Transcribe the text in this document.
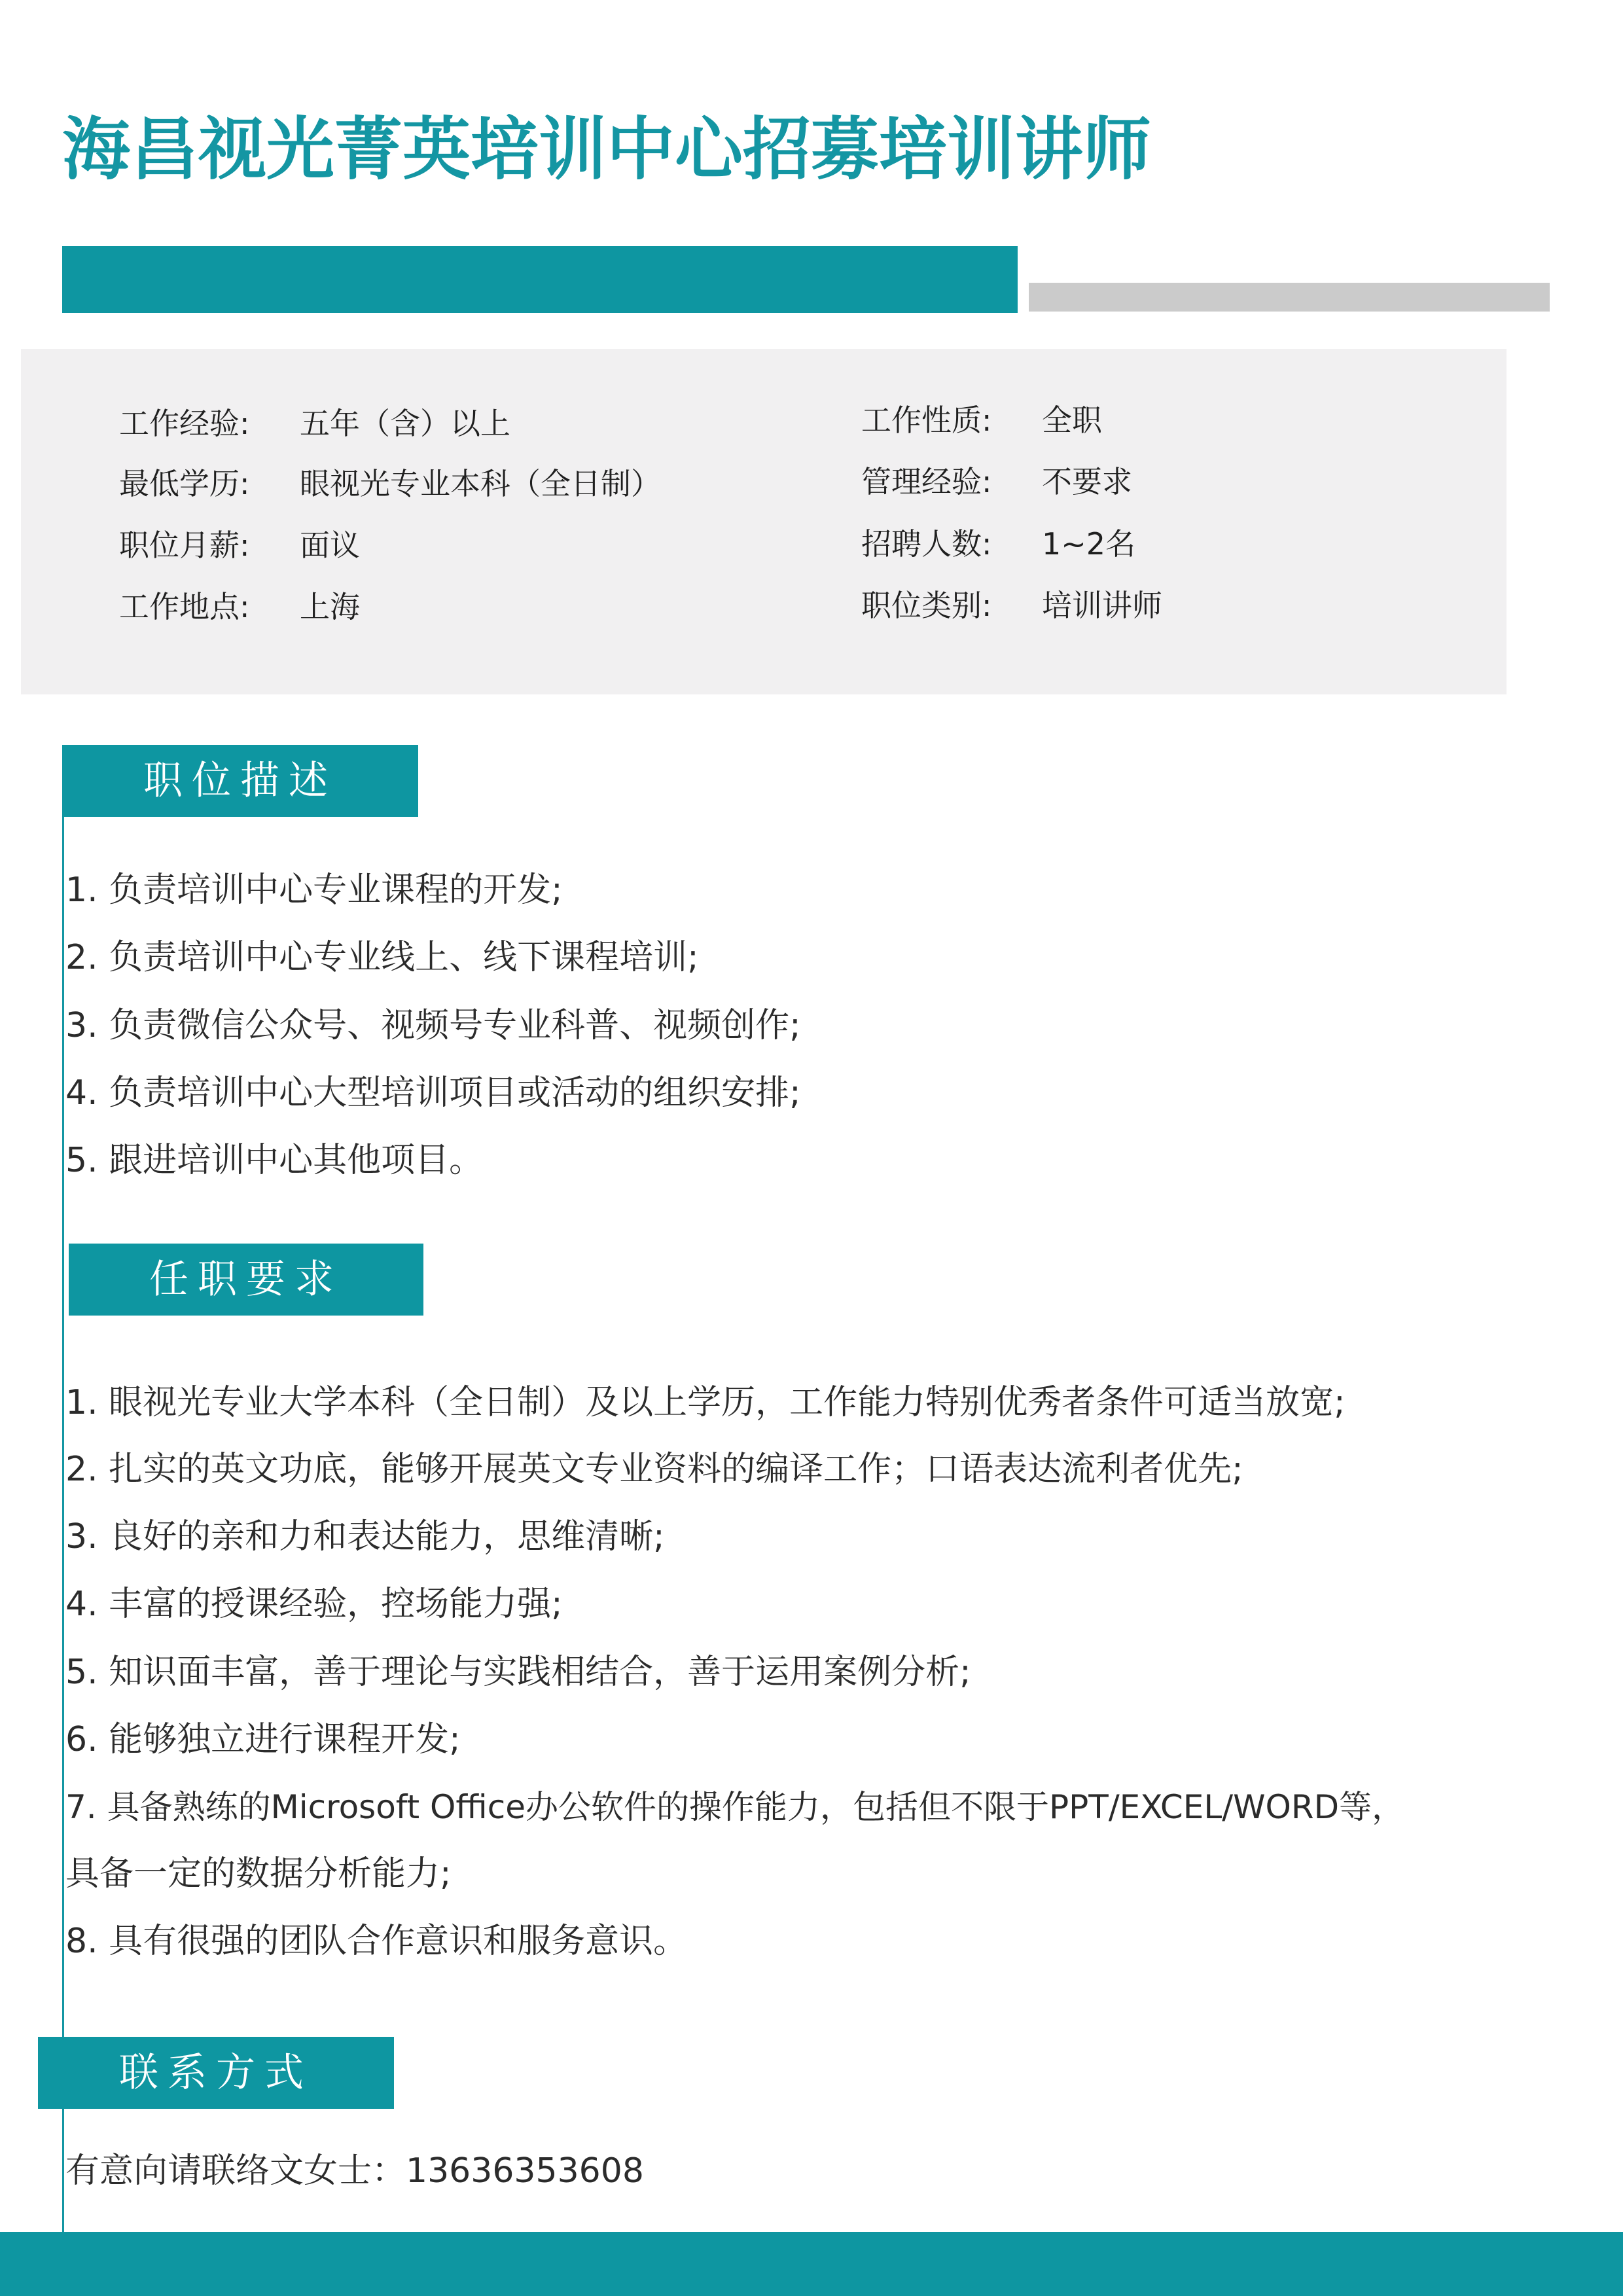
海昌视光菁英培训中心招募培训讲师
工作经验: 五年（含）以上
最低学历: 眼视光专业本科（全日制）
职位月薪: 面议
工作地点: 上海
工作性质: 全职
管理经验: 不要求
招聘人数: 1~2名
职位类别: 培训讲师
职位描述
1. 负责培训中心专业课程的开发;
2. 负责培训中心专业线上、线下课程培训;
3. 负责微信公众号、视频号专业科普、视频创作;
4. 负责培训中心大型培训项目或活动的组织安排;
5. 跟进培训中心其他项目。
任职要求
1. 眼视光专业大学本科（全日制）及以上学历，工作能力特别优秀者条件可适当放宽;
2. 扎实的英文功底，能够开展英文专业资料的编译工作；口语表达流利者优先;
3. 良好的亲和力和表达能力，思维清晰;
4. 丰富的授课经验，控场能力强;
5. 知识面丰富，善于理论与实践相结合，善于运用案例分析;
6. 能够独立进行课程开发;
7. 具备熟练的Microsoft Office办公软件的操作能力，包括但不限于PPT/EXCEL/WORD等，
具备一定的数据分析能力;
8. 具有很强的团队合作意识和服务意识。
联系方式
有意向请联络文女士：13636353608
